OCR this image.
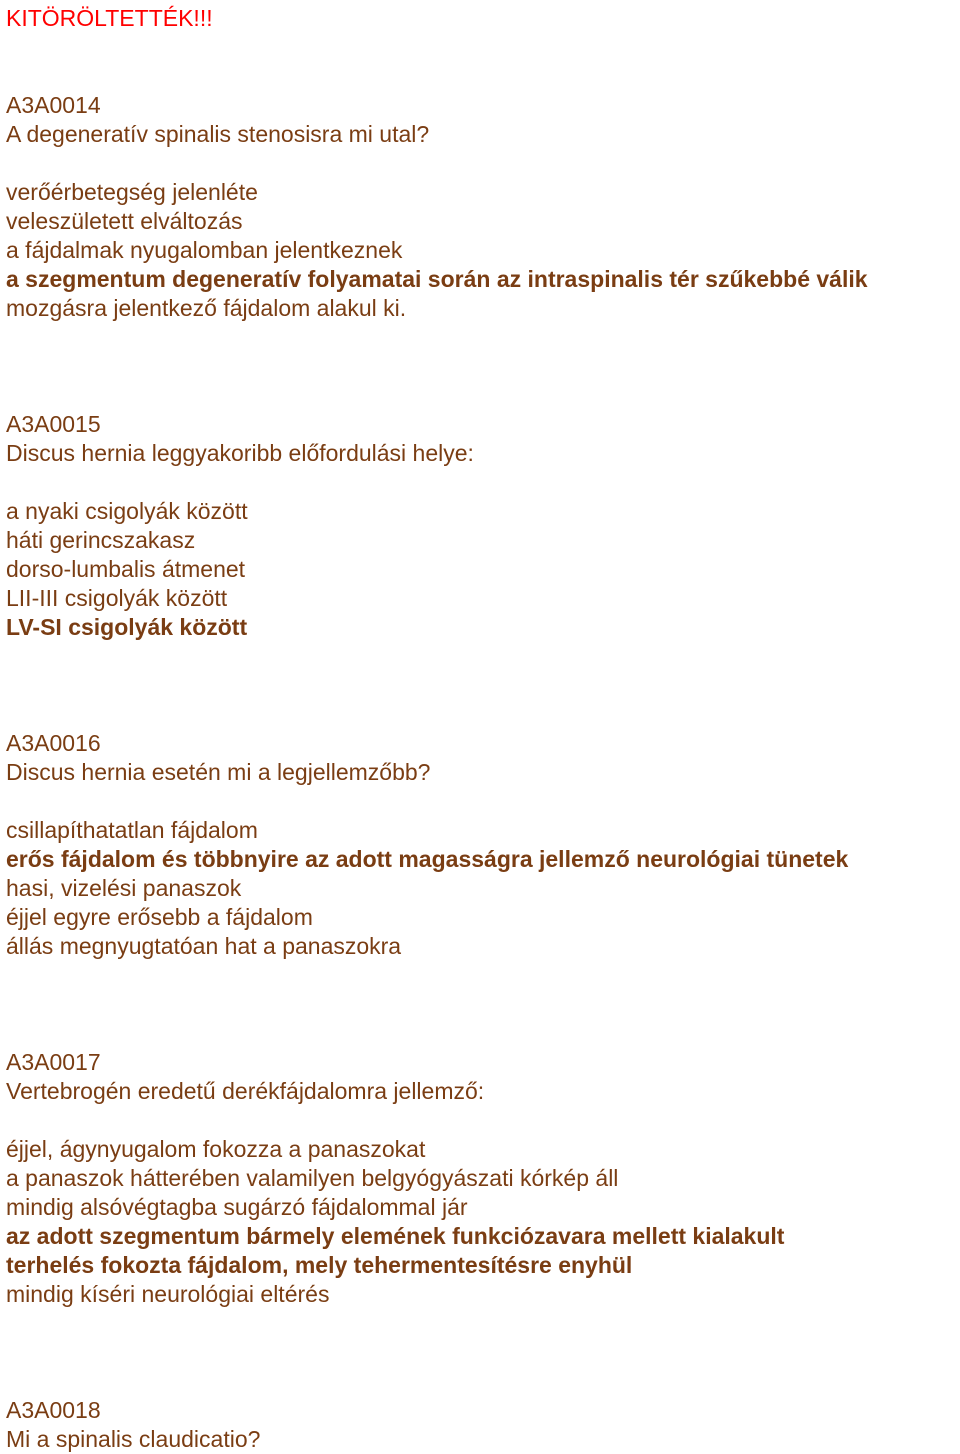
KITÖRÖLTETTÉK!!!
A3A0014
A degeneratív spinalis stenosisra mi utal?
verőérbetegség jelenléte
veleszületett elváltozás
a fájdalmak nyugalomban jelentkeznek
a szegmentum degeneratív folyamatai során az intraspinalis tér szűkebbé válik
mozgásra jelentkező fájdalom alakul ki.
A3A0015
Discus hernia leggyakoribb előfordulási helye:
a nyaki csigolyák között
háti gerincszakasz
dorso-lumbalis átmenet
LII-III csigolyák között
LV-SI csigolyák között
A3A0016
Discus hernia esetén mi a legjellemzőbb?
csillapíthatatlan fájdalom
erős fájdalom és többnyire az adott magasságra jellemző neurológiai tünetek
hasi, vizelési panaszok
éjjel egyre erősebb a fájdalom
állás megnyugtatóan hat a panaszokra
A3A0017
Vertebrogén eredetű derékfájdalomra jellemző:
éjjel, ágynyugalom fokozza a panaszokat
a panaszok hátterében valamilyen belgyógyászati kórkép áll
mindig alsóvégtagba sugárzó fájdalommal jár
az adott szegmentum bármely elemének funkciózavara mellett kialakult
terhelés fokozta fájdalom, mely tehermentesítésre enyhül
mindig kíséri neurológiai eltérés
A3A0018
Mi a spinalis claudicatio?
